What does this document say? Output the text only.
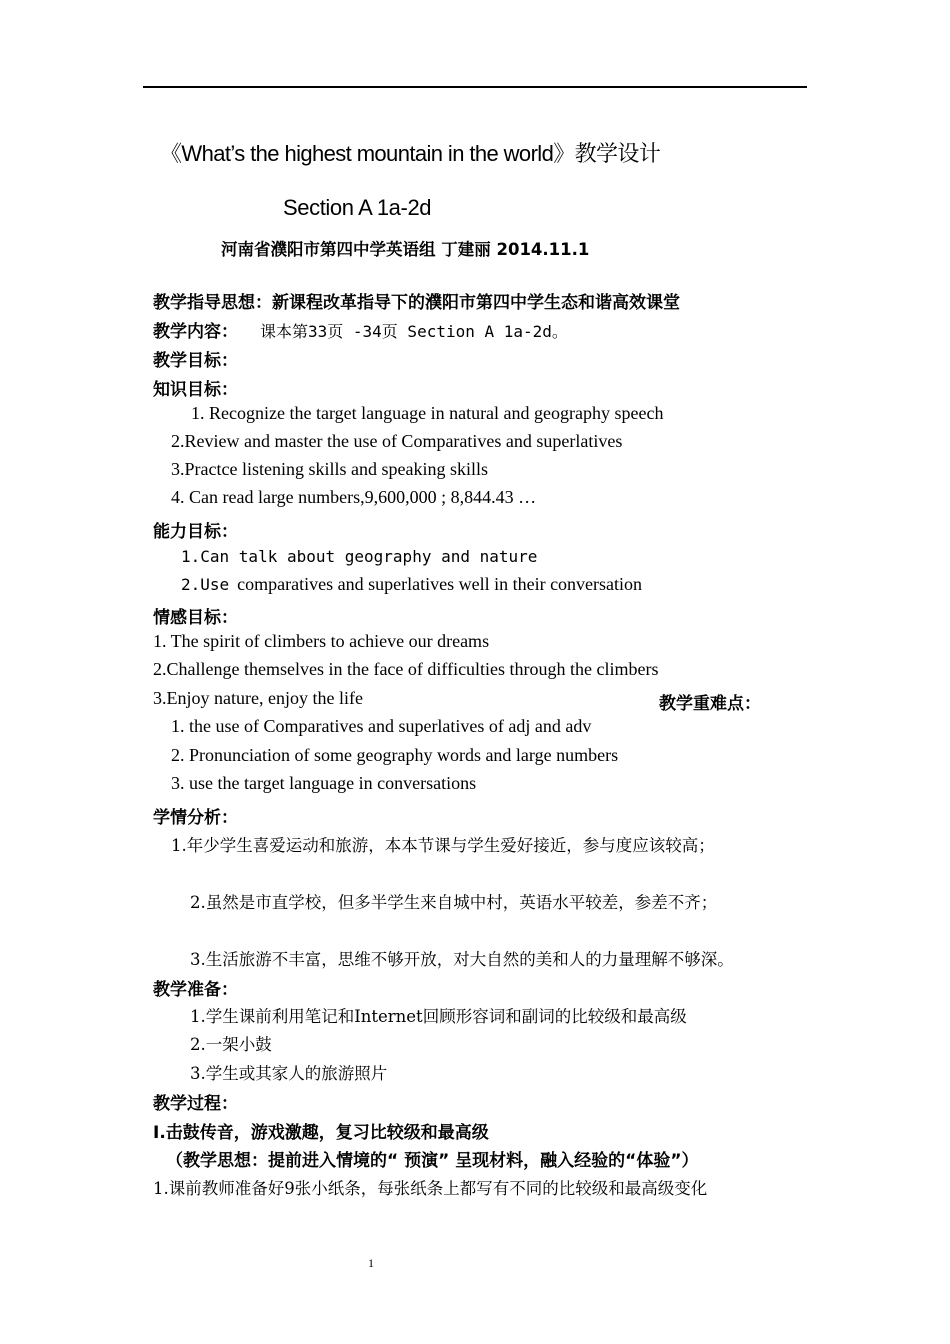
《What’s the highest mountain in the world》教学设计
Section A 1a-2d
河南省濮阳市第四中学英语组 丁建丽 2014.11.1
教学指导思想：新课程改革指导下的濮阳市第四中学生态和谐高效课堂
教学内容： 课本第33页 -34页 Section A 1a-2d。
教学目标：
知识目标：
1. Recognize the target language in natural and geography speech
2.Review and master the use of Comparatives and superlatives
3.Practce listening skills and speaking skills
4. Can read large numbers,9,600,000 ; 8,844.43 …
能力目标：
1.Can talk about geography and nature
2.Use comparatives and superlatives well in their conversation
情感目标：
1. The spirit of climbers to achieve our dreams
2.Challenge themselves in the face of difficulties through the climbers
3.Enjoy nature, enjoy the life	教学重难点：
1. the use of Comparatives and superlatives of adj and adv
2. Pronunciation of some geography words and large numbers
3. use the target language in conversations
学情分析：
1.年少学生喜爱运动和旅游，本本节课与学生爱好接近，参与度应该较高；
2.虽然是市直学校，但多半学生来自城中村，英语水平较差，参差不齐；
3.生活旅游不丰富，思维不够开放，对大自然的美和人的力量理解不够深。
教学准备：
1.学生课前利用笔记和Internet回顾形容词和副词的比较级和最高级
2.一架小鼓
3.学生或其家人的旅游照片
教学过程：
I.击鼓传音，游戏激趣，复习比较级和最高级
（教学思想：提前进入情境的“ 预演” 呈现材料，融入经验的“体验”）
1.课前教师准备好9张小纸条，每张纸条上都写有不同的比较级和最高级变化
1
